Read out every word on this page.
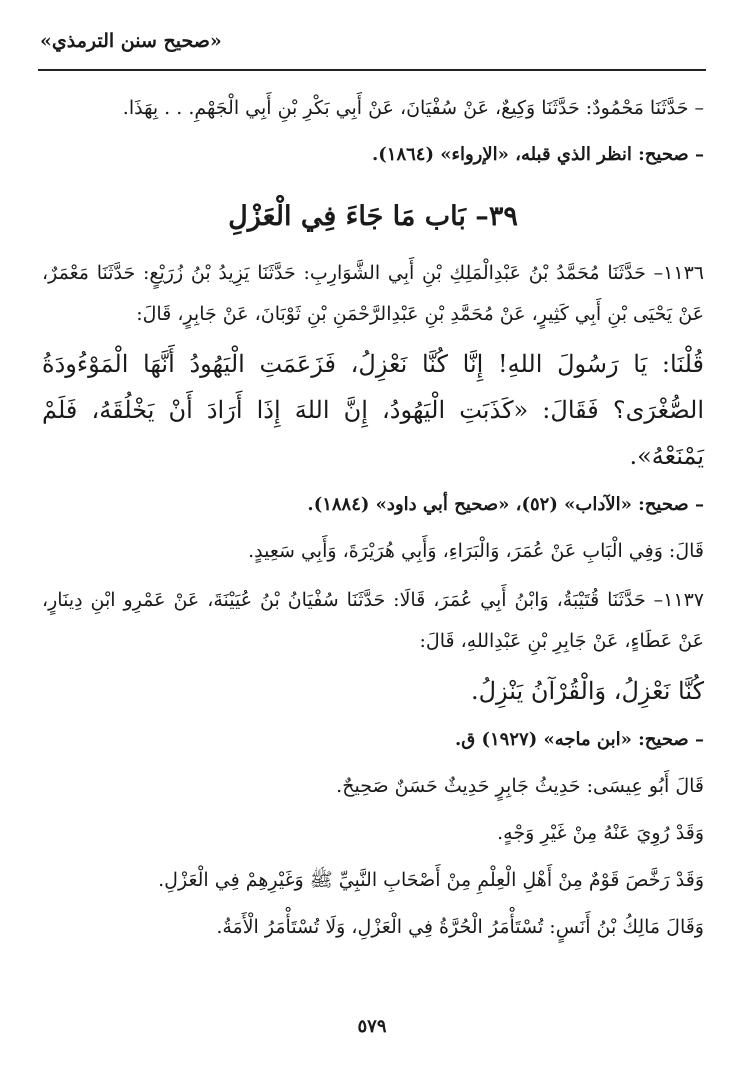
«صحيح سنن الترمذي»

– حَدَّثَنَا مَحْمُودٌ: حَدَّثَنَا وَكِيعٌ، عَنْ سُفْيَانَ، عَنْ أَبِي بَكْرِ بْنِ أَبِي الْجَهْمِ. . . بِهَذَا.

– صحيح: انظر الذي قبله، «الإرواء» (١٨٦٤).

٣٩– بَاب مَا جَاءَ فِي الْعَزْلِ

١١٣٦– حَدَّثَنَا مُحَمَّدُ بْنُ عَبْدِالْمَلِكِ بْنِ أَبِي الشَّوَارِبِ: حَدَّثَنَا يَزِيدُ بْنُ زُرَيْعٍ: حَدَّثَنَا مَعْمَرٌ، عَنْ يَحْيَى بْنِ أَبِي كَثِيرٍ، عَنْ مُحَمَّدِ بْنِ عَبْدِالرَّحْمَنِ بْنِ ثَوْبَانَ، عَنْ جَابِرٍ، قَالَ:

قُلْنَا: يَا رَسُولَ اللهِ! إِنَّا كُنَّا نَعْزِلُ، فَزَعَمَتِ الْيَهُودُ أَنَّهَا الْمَوْءُودَةُ الصُّغْرَى؟ فَقَالَ: «كَذَبَتِ الْيَهُودُ، إِنَّ اللهَ إِذَا أَرَادَ أَنْ يَخْلُقَهُ، فَلَمْ يَمْنَعْهُ».

– صحيح: «الآداب» (٥٢)، «صحيح أبي داود» (١٨٨٤).

قَالَ: وَفِي الْبَابِ عَنْ عُمَرَ، وَالْبَرَاءِ، وَأَبِي هُرَيْرَةَ، وَأَبِي سَعِيدٍ.

١١٣٧– حَدَّثَنَا قُتَيْبَةُ، وَابْنُ أَبِي عُمَرَ، قَالَا: حَدَّثَنَا سُفْيَانُ بْنُ عُيَيْنَةَ، عَنْ عَمْرِو ابْنِ دِينَارٍ، عَنْ عَطَاءٍ، عَنْ جَابِرِ بْنِ عَبْدِاللهِ، قَالَ:

كُنَّا نَعْزِلُ، وَالْقُرْآنُ يَنْزِلُ.

– صحيح: «ابن ماجه» (١٩٢٧) ق.

قَالَ أَبُو عِيسَى: حَدِيثُ جَابِرٍ حَدِيثٌ حَسَنٌ صَحِيحٌ.

وَقَدْ رُوِيَ عَنْهُ مِنْ غَيْرِ وَجْهٍ.

وَقَدْ رَخَّصَ قَوْمٌ مِنْ أَهْلِ الْعِلْمِ مِنْ أَصْحَابِ النَّبِيِّ ﷺ وَغَيْرِهِمْ فِي الْعَزْلِ.

وَقَالَ مَالِكُ بْنُ أَنَسٍ: تُسْتَأْمَرُ الْحُرَّةُ فِي الْعَزْلِ، وَلَا تُسْتَأْمَرُ الْأَمَةُ.

٥٧٩
